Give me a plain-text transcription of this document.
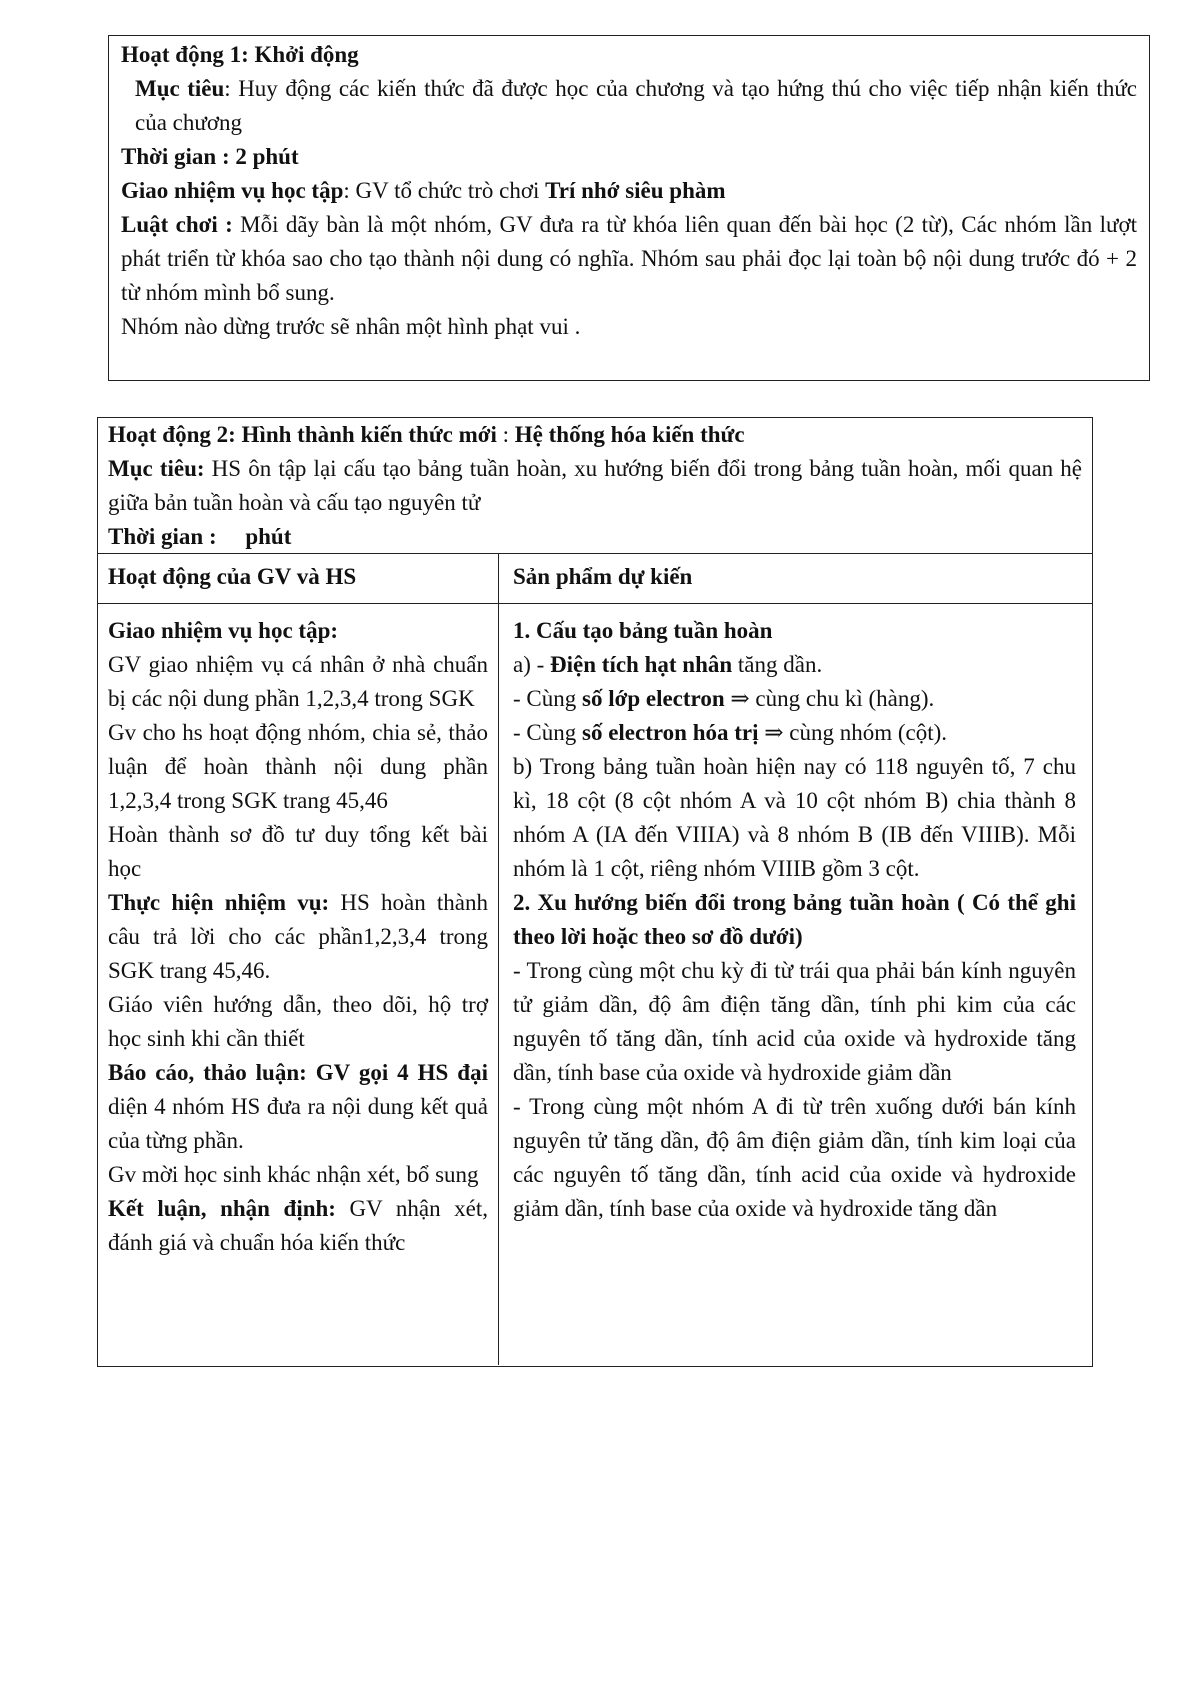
Hoạt động 1: Khởi động

Mục tiêu: Huy động các kiến thức đã được học của chương và tạo hứng thú cho việc tiếp nhận kiến thức của chương

Thời gian : 2 phút

Giao nhiệm vụ học tập: GV tổ chức trò chơi Trí nhớ siêu phàm

Luật chơi : Mỗi dãy bàn là một nhóm, GV đưa ra từ khóa liên quan đến bài học (2 từ), Các nhóm lần lượt phát triển từ khóa sao cho tạo thành nội dung có nghĩa. Nhóm sau phải đọc lại toàn bộ nội dung trước đó + 2 từ nhóm mình bổ sung.

Nhóm nào dừng trước sẽ nhân một hình phạt vui .

Hoạt động 2: Hình thành kiến thức mới : Hệ thống hóa kiến thức

Mục tiêu: HS ôn tập lại cấu tạo bảng tuần hoàn, xu hướng biến đổi trong bảng tuần hoàn, mối quan hệ giữa bản tuần hoàn và cấu tạo nguyên tử

Thời gian :     phút

Hoạt động của GV và HS	Sản phẩm dự kiến

Giao nhiệm vụ học tập:

GV giao nhiệm vụ cá nhân ở nhà chuẩn bị các nội dung phần 1,2,3,4 trong SGK

Gv cho hs hoạt động nhóm, chia sẻ, thảo luận để hoàn thành nội dung phần 1,2,3,4 trong SGK trang 45,46

Hoàn thành sơ đồ tư duy tổng kết bài học

Thực hiện nhiệm vụ: HS hoàn thành câu trả lời cho các phần1,2,3,4 trong SGK trang 45,46.

Giáo viên hướng dẫn, theo dõi, hộ trợ học sinh khi cần thiết

Báo cáo, thảo luận: GV gọi 4 HS đại diện 4 nhóm HS đưa ra nội dung kết quả của từng phần.

Gv mời học sinh khác nhận xét, bổ sung

Kết luận, nhận định: GV nhận xét, đánh giá và chuẩn hóa kiến thức

1. Cấu tạo bảng tuần hoàn

a) - Điện tích hạt nhân tăng dần.

- Cùng số lớp electron ⇒ cùng chu kì (hàng).

- Cùng số electron hóa trị ⇒ cùng nhóm (cột).

b) Trong bảng tuần hoàn hiện nay có 118 nguyên tố, 7 chu kì, 18 cột (8 cột nhóm A và 10 cột nhóm B) chia thành 8 nhóm A (IA đến VIIIA) và 8 nhóm B (IB đến VIIIB). Mỗi nhóm là 1 cột, riêng nhóm VIIIB gồm 3 cột.

2. Xu hướng biến đổi trong bảng tuần hoàn ( Có thể ghi theo lời hoặc theo sơ đồ dưới)

- Trong cùng một chu kỳ đi từ trái qua phải bán kính nguyên tử giảm dần, độ âm điện tăng dần, tính phi kim của các nguyên tố tăng dần, tính acid của oxide và hydroxide tăng dần, tính base của oxide và hydroxide giảm dần

- Trong cùng một nhóm A đi từ trên xuống dưới bán kính nguyên tử tăng dần, độ âm điện giảm dần, tính kim loại của các nguyên tố tăng dần, tính acid của oxide và hydroxide giảm dần, tính base của oxide và hydroxide tăng dần
